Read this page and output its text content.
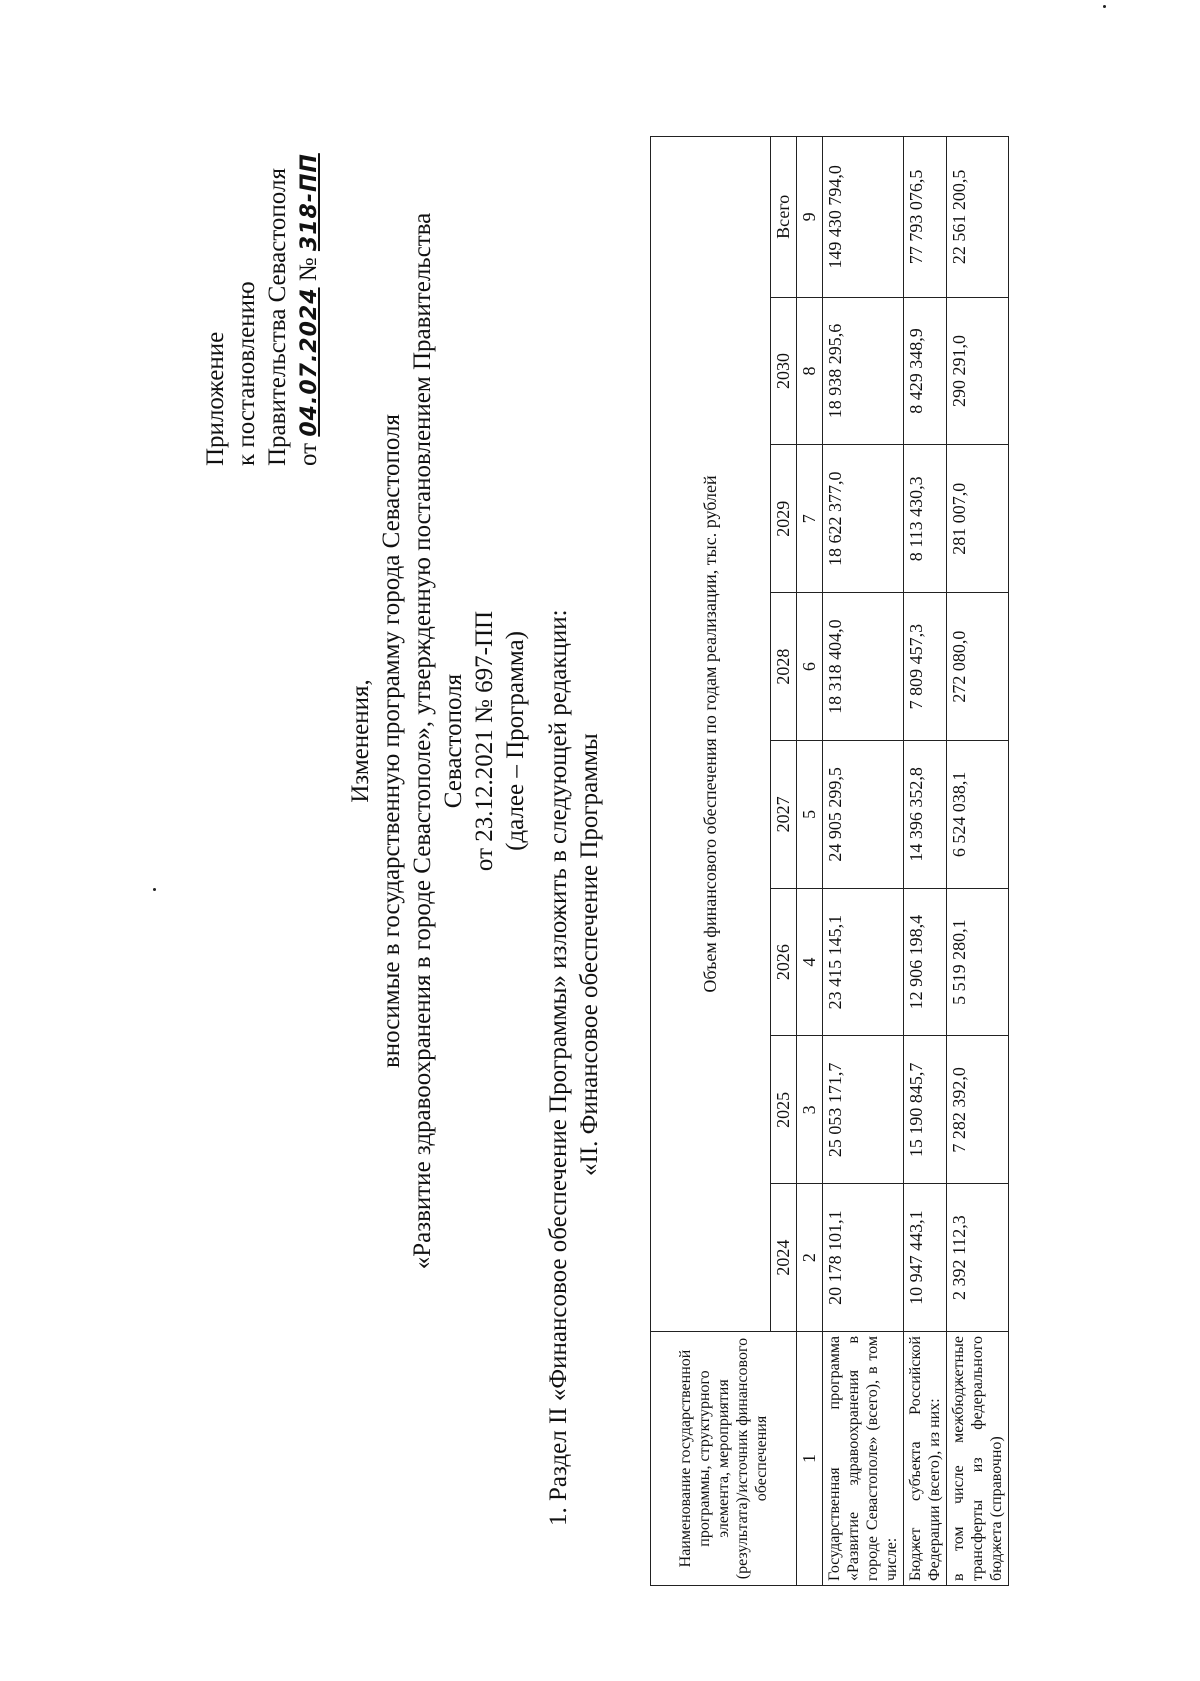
Приложение к постановлению Правительства Севастополя от 04.07.2024 № 318-ПП
Изменения, вносимые в государственную программу города Севастополя «Развитие здравоохранения в городе Севастополе», утвержденную постановлением Правительства Севастополя от 23.12.2021 № 697-ПП (далее – Программа) 1. Раздел II «Финансовое обеспечение Программы» изложить в следующей редакции: «II. Финансовое обеспечение Программы
Наименование государственной программы, структурного элемента, мероприятия (результата)/источник финансового обеспечения	Объем финансового обеспечения по годам реализации, тыс. рублей							
	2024	2025	2026	2027	2028	2029	2030	Всего
1	2	3	4	5	6	7	8	9
Государственная программа «Развитие здравоохранения в городе Севастополе» (всего), в том числе:	20 178 101,1	25 053 171,7	23 415 145,1	24 905 299,5	18 318 404,0	18 622 377,0	18 938 295,6	149 430 794,0
Бюджет субъекта Российской Федерации (всего), из них:	10 947 443,1	15 190 845,7	12 906 198,4	14 396 352,8	7 809 457,3	8 113 430,3	8 429 348,9	77 793 076,5
в том числе межбюджетные трансферты из федерального бюджета (справочно)	2 392 112,3	7 282 392,0	5 519 280,1	6 524 038,1	272 080,0	281 007,0	290 291,0	22 561 200,5
